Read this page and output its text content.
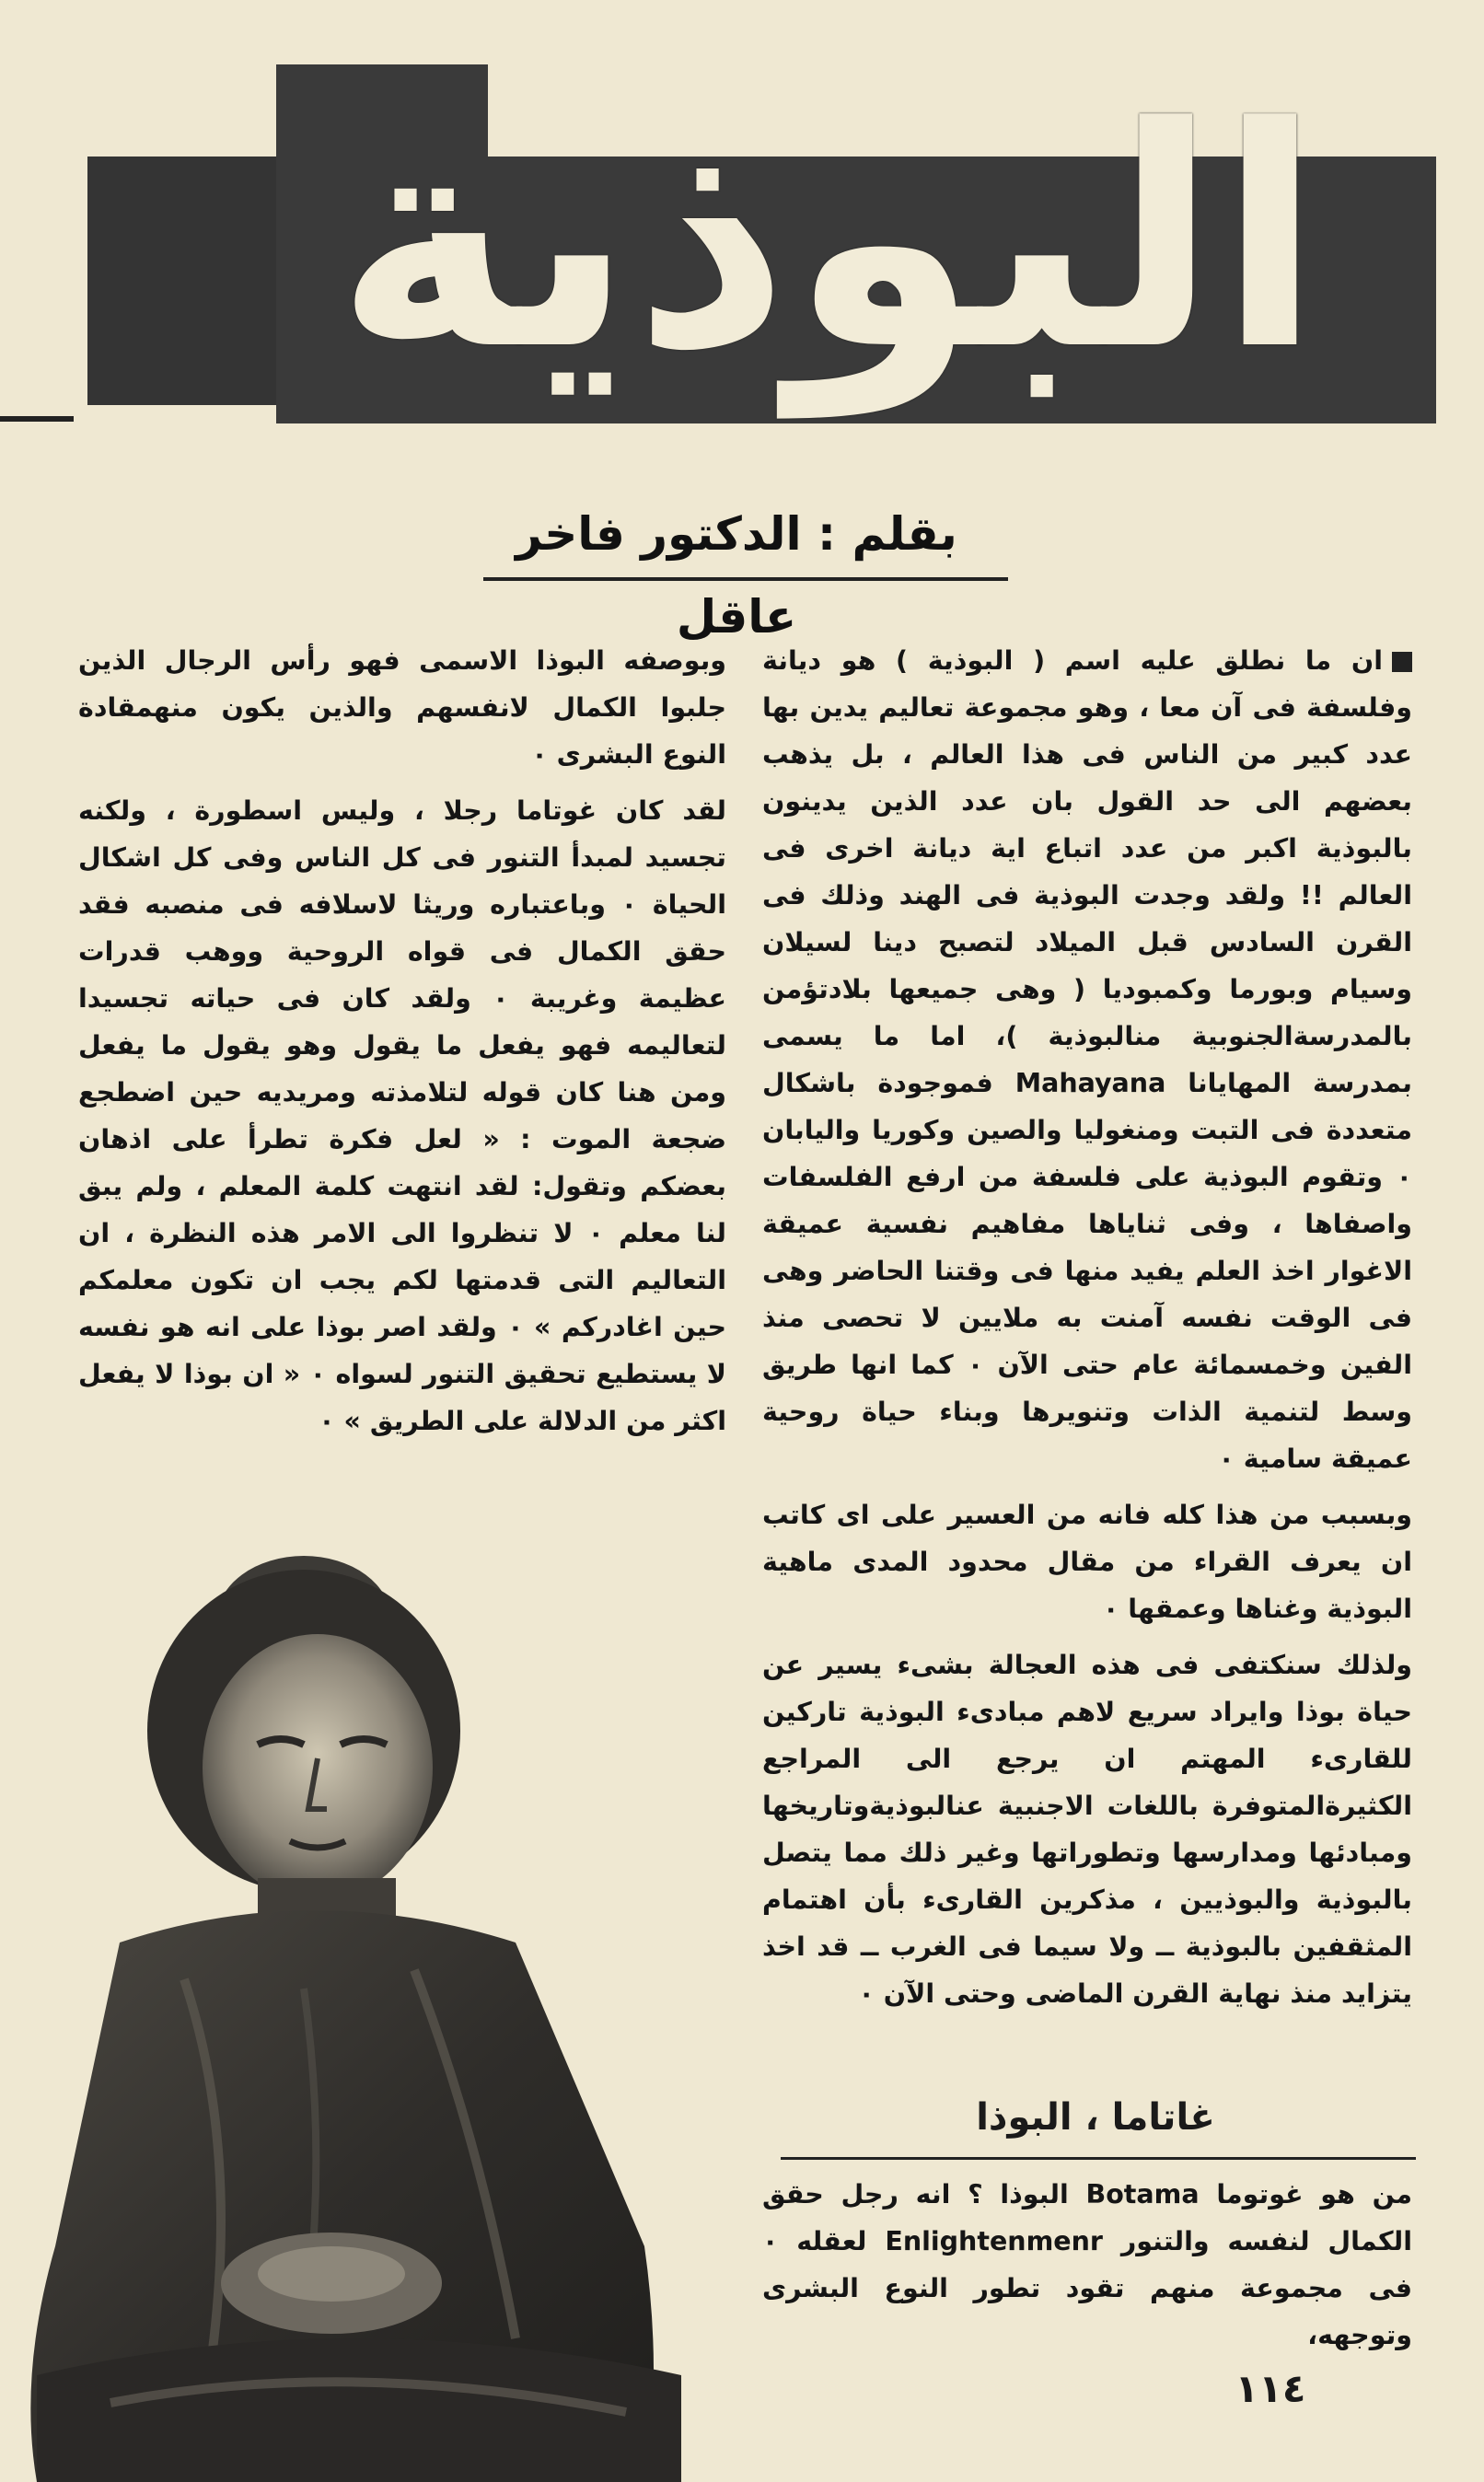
البوذية
بقلم : الدكتور فاخر عاقل

ان ما نطلق عليه اسم ( البوذية ) هو ديانة وفلسفة فى آن معا ، وهو مجموعة تعاليم يدين بها عدد كبير من الناس فى هذا العالم ، بل يذهب بعضهم الى حد القول بان عدد الذين يدينون بالبوذية اكبر من عدد اتباع اية ديانة اخرى فى العالم !! ولقد وجدت البوذية فى الهند وذلك فى القرن السادس قبل الميلاد لتصبح دينا لسيلان وسيام وبورما وكمبوديا ( وهى جميعها بلادتؤمن بالمدرسةالجنوبية منالبوذية )، اما ما يسمى بمدرسة المهايانا Mahayana فموجودة باشكال متعددة فى التبت ومنغوليا والصين وكوريا واليابان ٠ وتقوم البوذية على فلسفة من ارفع الفلسفات واصفاها ، وفى ثناياها مفاهيم نفسية عميقة الاغوار اخذ العلم يفيد منها فى وقتنا الحاضر وهى فى الوقت نفسه آمنت به ملايين لا تحصى منذ الفين وخمسمائة عام حتى الآن ٠ كما انها طريق وسط لتنمية الذات وتنويرها وبناء حياة روحية عميقة سامية ٠

وبسبب من هذا كله فانه من العسير على اى كاتب ان يعرف القراء من مقال محدود المدى ماهية البوذية وغناها وعمقها ٠

ولذلك سنكتفى فى هذه العجالة بشىء يسير عن حياة بوذا وايراد سريع لاهم مبادىء البوذية تاركين للقارىء المهتم ان يرجع الى المراجع الكثيرةالمتوفرة باللغات الاجنبية عنالبوذيةوتاريخها ومبادئها ومدارسها وتطوراتها وغير ذلك مما يتصل بالبوذية والبوذيين ، مذكرين القارىء بأن اهتمام المثقفين بالبوذية ــ ولا سيما فى الغرب ــ قد اخذ يتزايد منذ نهاية القرن الماضى وحتى الآن ٠

غاتاما ، البوذا

من هو غوتوما Botama البوذا ؟ انه رجل حقق الكمال لنفسه والتنور Enlightenmenr لعقله ٠ فى مجموعة منهم تقود تطور النوع البشرى وتوجهه،

وبوصفه البوذا الاسمى فهو رأس الرجال الذين جلبوا الكمال لانفسهم والذين يكون منهمقادة النوع البشرى ٠

لقد كان غوتاما رجلا ، وليس اسطورة ، ولكنه تجسيد لمبدأ التنور فى كل الناس وفى كل اشكال الحياة ٠ وباعتباره وريثا لاسلافه فى منصبه فقد حقق الكمال فى قواه الروحية ووهب قدرات عظيمة وغريبة ٠ ولقد كان فى حياته تجسيدا لتعاليمه فهو يفعل ما يقول وهو يقول ما يفعل ومن هنا كان قوله لتلامذته ومريديه حين اضطجع ضجعة الموت : « لعل فكرة تطرأ على اذهان بعضكم وتقول: لقد انتهت كلمة المعلم ، ولم يبق لنا معلم ٠ لا تنظروا الى الامر هذه النظرة ، ان التعاليم التى قدمتها لكم يجب ان تكون معلمكم حين اغادركم » ٠ ولقد اصر بوذا على انه هو نفسه لا يستطيع تحقيق التنور لسواه ٠ « ان بوذا لا يفعل اكثر من الدلالة على الطريق » ٠

١١٤
